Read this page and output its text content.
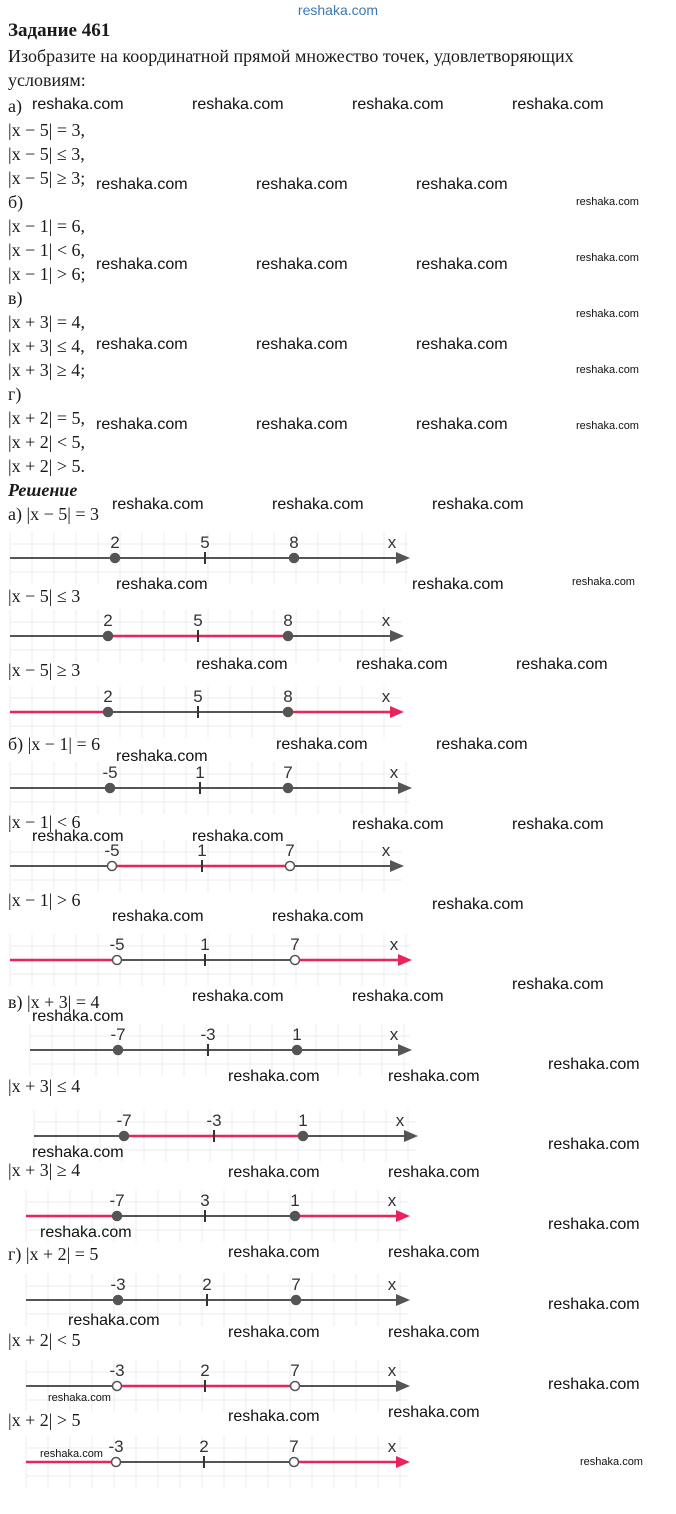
reshaka.com
Задание 461
Изобразите на координатной прямой множество точек, удовлетворяющих
условиям:
а)
|x − 5| = 3,
|x − 5| ≤ 3,
|x − 5| ≥ 3;
б)
|x − 1| = 6,
|x − 1| < 6,
|x − 1| > 6;
в)
|x + 3| = 4,
|x + 3| ≤ 4,
|x + 3| ≥ 4;
г)
|x + 2| = 5,
|x + 2| < 5,
|x + 2| > 5.
Решение
а) |x − 5| = 3
2	5	8	x
|x − 5| ≤ 3
2	5	8	x
|x − 5| ≥ 3
2	5	8	x
б) |x − 1| = 6
-5	1	7	x
|x − 1| < 6
-5	1	7	x
|x − 1| > 6
-5	1	7	x
в) |x + 3| = 4
-7	-3	1	x
|x + 3| ≤ 4
-7	-3	1	x
|x + 3| ≥ 4
-7	3	1	x
г) |x + 2| = 5
-3	2	7	x
|x + 2| < 5
-3	2	7	x
|x + 2| > 5
-3	2	7	x
reshaka.com	reshaka.com	reshaka.com	reshaka.com
reshaka.com	reshaka.com	reshaka.com
reshaka.com
reshaka.com	reshaka.com	reshaka.com	reshaka.com
reshaka.com
reshaka.com	reshaka.com	reshaka.com
reshaka.com
reshaka.com	reshaka.com	reshaka.com	reshaka.com
reshaka.com	reshaka.com	reshaka.com
reshaka.com	reshaka.com	reshaka.com
reshaka.com	reshaka.com	reshaka.com
reshaka.com
reshaka.com	reshaka.com
reshaka.com	reshaka.com
reshaka.com	reshaka.com
reshaka.com	reshaka.com
reshaka.com
reshaka.com
reshaka.com	reshaka.com
reshaka.com
reshaka.com
reshaka.com	reshaka.com
reshaka.com
reshaka.com
reshaka.com	reshaka.com
reshaka.com
reshaka.com
reshaka.com	reshaka.com
reshaka.com
reshaka.com
reshaka.com	reshaka.com
reshaka.com
reshaka.com
reshaka.com	reshaka.com
reshaka.com
reshaka.com
